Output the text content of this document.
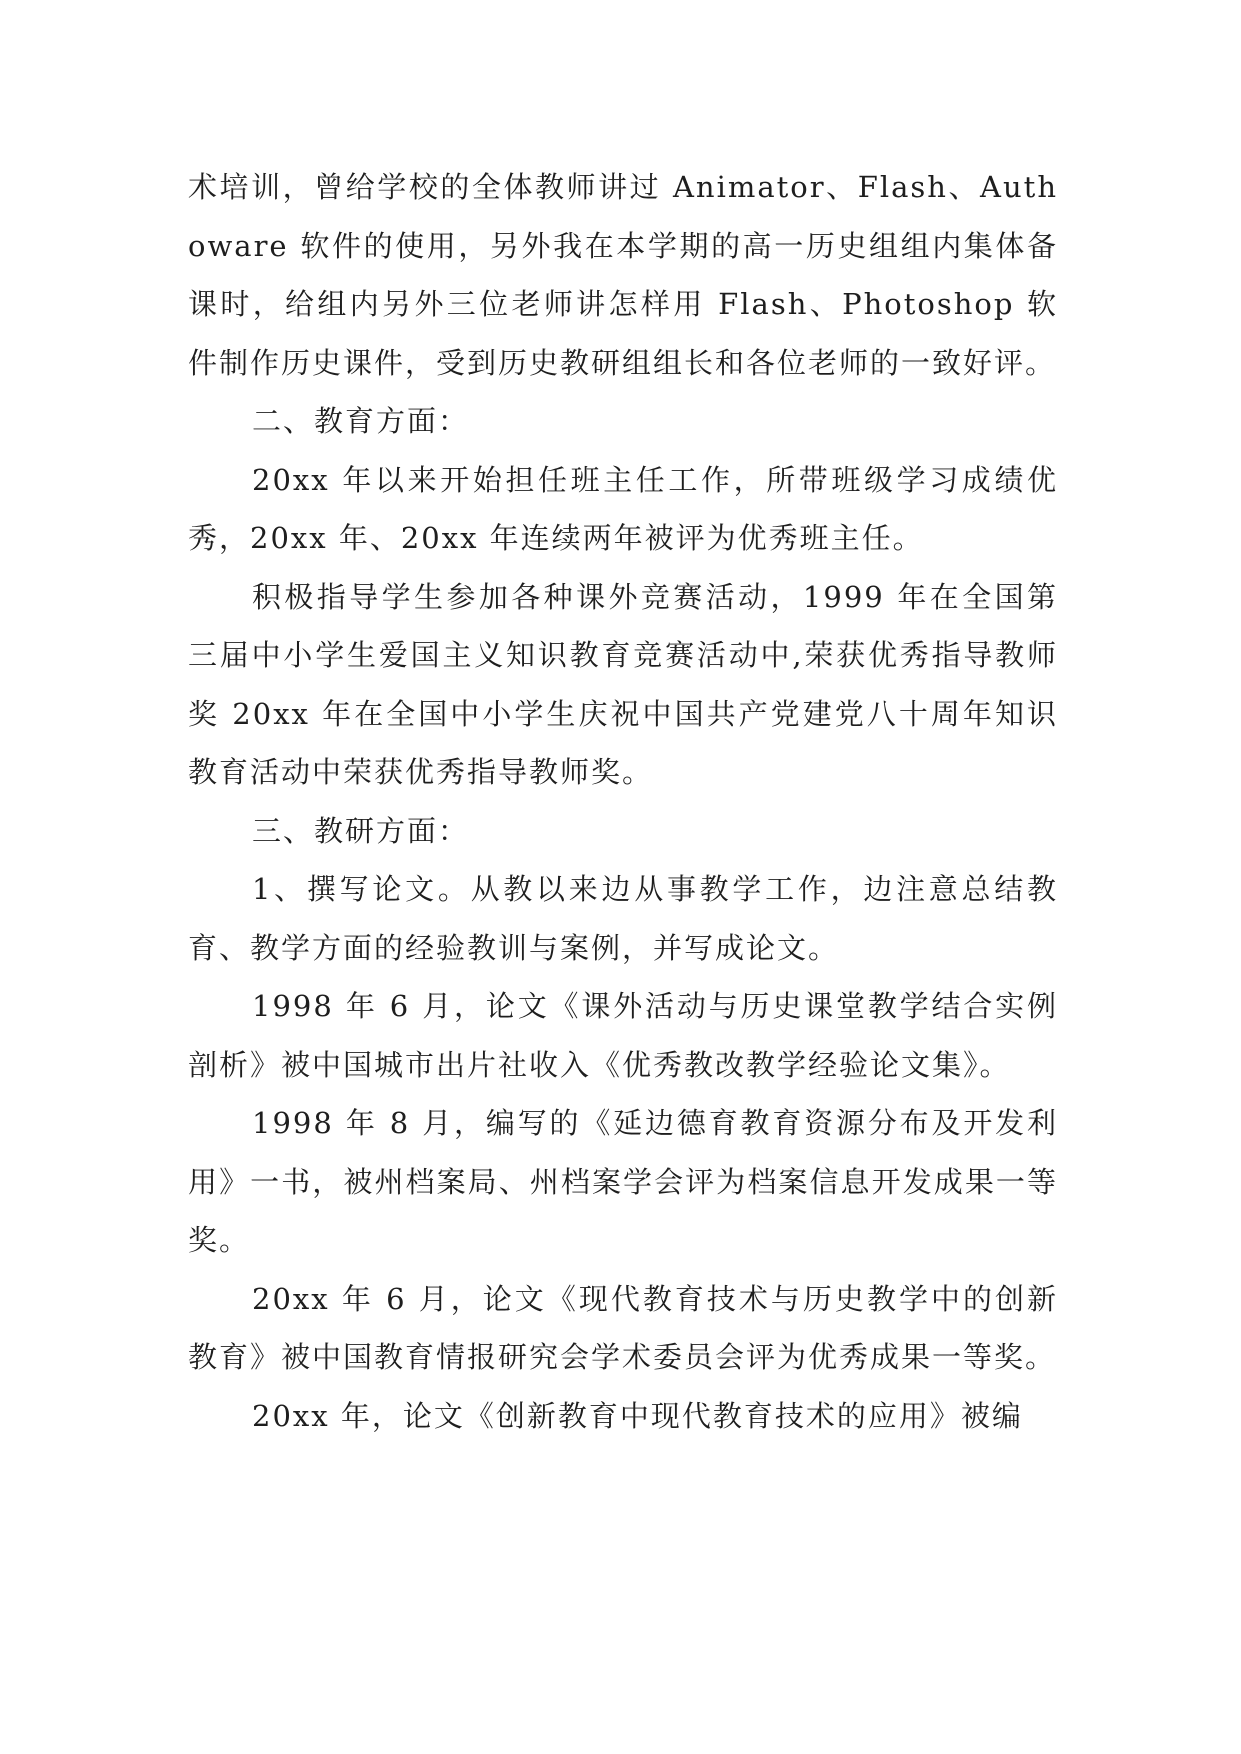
术培训，曾给学校的全体教师讲过 Animator、Flash、Authoware 软件的使用，另外我在本学期的高一历史组组内集体备课时，给组内另外三位老师讲怎样用 Flash、Photoshop 软件制作历史课件，受到历史教研组组长和各位老师的一致好评。

二、教育方面：

20xx 年以来开始担任班主任工作，所带班级学习成绩优秀，20xx 年、20xx 年连续两年被评为优秀班主任。

积极指导学生参加各种课外竞赛活动，1999 年在全国第三届中小学生爱国主义知识教育竞赛活动中,荣获优秀指导教师奖 20xx 年在全国中小学生庆祝中国共产党建党八十周年知识教育活动中荣获优秀指导教师奖。

三、教研方面：

1、撰写论文。从教以来边从事教学工作，边注意总结教育、教学方面的经验教训与案例，并写成论文。

1998 年 6 月，论文《课外活动与历史课堂教学结合实例剖析》被中国城市出片社收入《优秀教改教学经验论文集》。

1998 年 8 月，编写的《延边德育教育资源分布及开发利用》一书，被州档案局、州档案学会评为档案信息开发成果一等奖。

20xx 年 6 月，论文《现代教育技术与历史教学中的创新教育》被中国教育情报研究会学术委员会评为优秀成果一等奖。

20xx 年，论文《创新教育中现代教育技术的应用》被编
